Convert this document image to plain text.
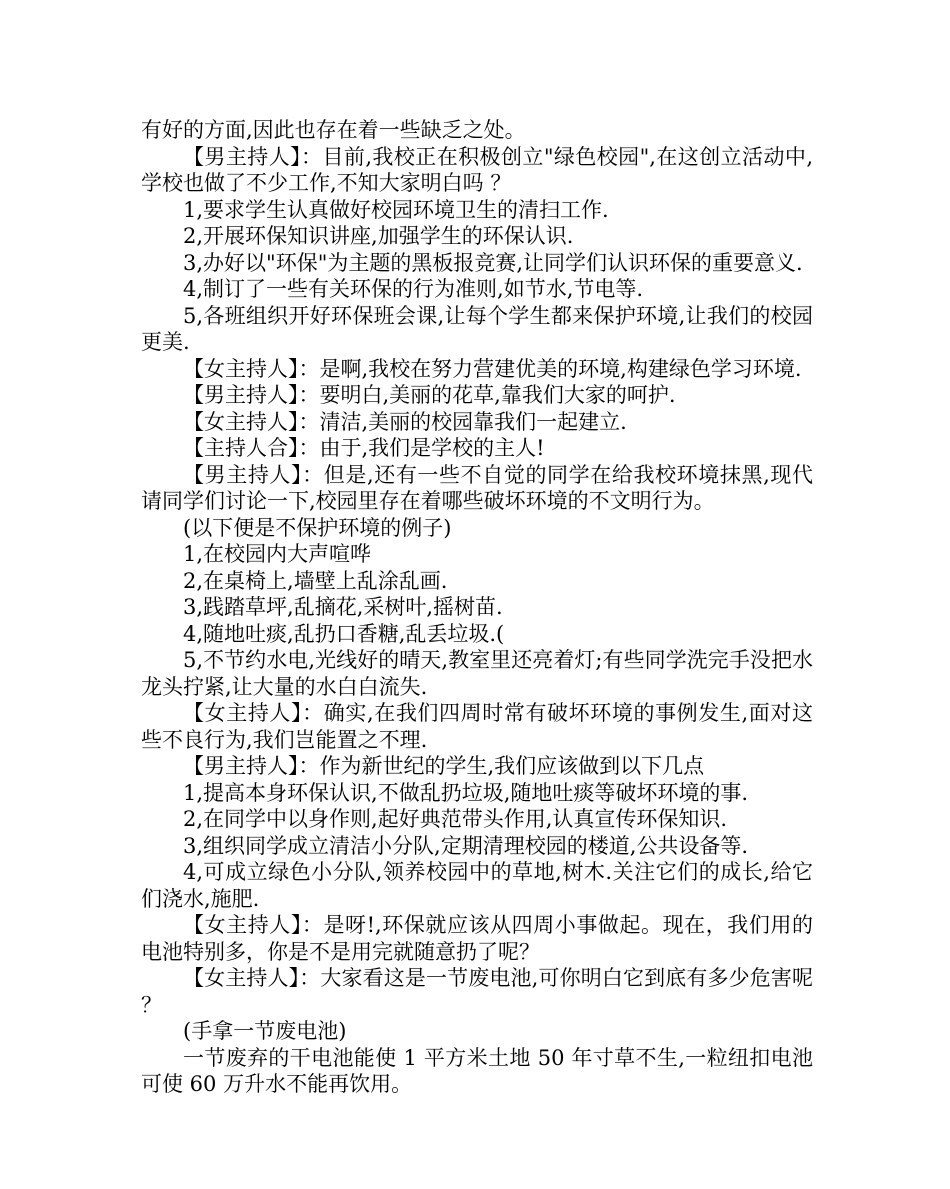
有好的方面,因此也存在着一些缺乏之处。

【男主持人】：目前,我校正在积极创立"绿色校园",在这创立活动中,学校也做了不少工作,不知大家明白吗 ？

1,要求学生认真做好校园环境卫生的清扫工作.

2,开展环保知识讲座,加强学生的环保认识.

3,办好以"环保"为主题的黑板报竞赛,让同学们认识环保的重要意义.

4,制订了一些有关环保的行为准则,如节水,节电等.

5,各班组织开好环保班会课,让每个学生都来保护环境,让我们的校园更美.

【女主持人】：是啊,我校在努力营建优美的环境,构建绿色学习环境.

【男主持人】：要明白,美丽的花草,靠我们大家的呵护.

【女主持人】：清洁,美丽的校园靠我们一起建立.

【主持人合】：由于,我们是学校的主人!

【男主持人】：但是,还有一些不自觉的同学在给我校环境抹黑,现代请同学们讨论一下,校园里存在着哪些破坏环境的不文明行为。

(以下便是不保护环境的例子)

1,在校园内大声喧哗

2,在桌椅上,墙壁上乱涂乱画.

3,践踏草坪,乱摘花,采树叶,摇树苗.

4,随地吐痰,乱扔口香糖,乱丢垃圾.(

5,不节约水电,光线好的晴天,教室里还亮着灯;有些同学洗完手没把水龙头拧紧,让大量的水白白流失.

【女主持人】：确实,在我们四周时常有破坏环境的事例发生,面对这些不良行为,我们岂能置之不理.

【男主持人】：作为新世纪的学生,我们应该做到以下几点

1,提高本身环保认识,不做乱扔垃圾,随地吐痰等破坏环境的事.

2,在同学中以身作则,起好典范带头作用,认真宣传环保知识.

3,组织同学成立清洁小分队,定期清理校园的楼道,公共设备等.

4,可成立绿色小分队,领养校园中的草地,树木.关注它们的成长,给它们浇水,施肥.

【女主持人】：是呀!,环保就应该从四周小事做起。现在，我们用的电池特别多，你是不是用完就随意扔了呢？

【女主持人】：大家看这是一节废电池,可你明白它到底有多少危害呢 ？

(手拿一节废电池)

一节废弃的干电池能使 1 平方米土地 50 年寸草不生,一粒纽扣电池可使 60 万升水不能再饮用。
